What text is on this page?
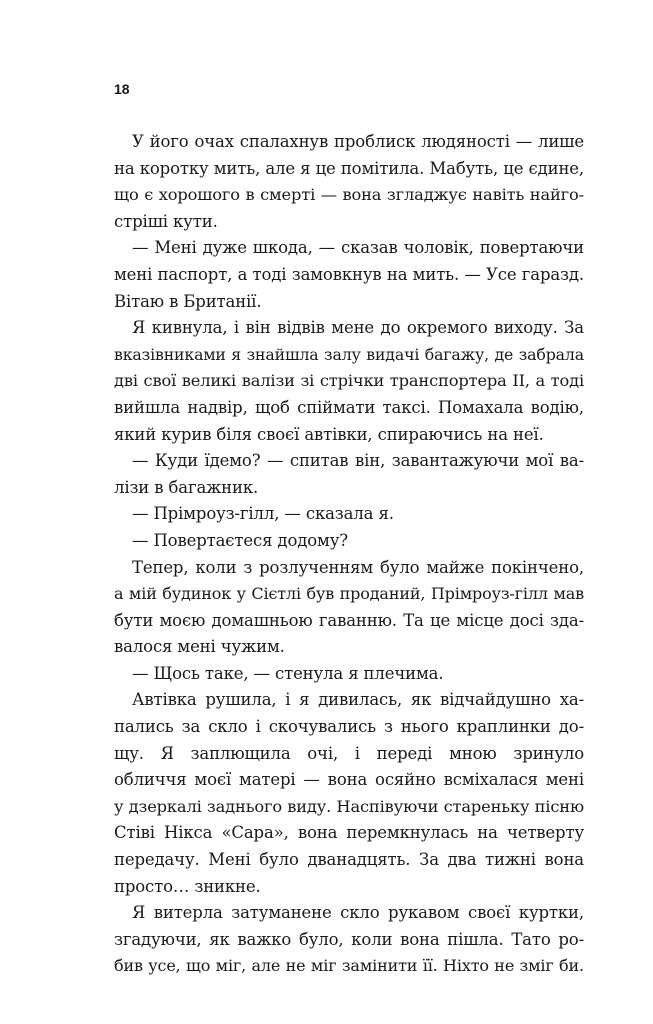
18
У його очах спалахнув проблиск людяності — лише
на коротку мить, але я це помітила. Мабуть, це єдине,
що є хорошого в смерті — вона згладжує навіть найго-
стріші кути.
— Мені дуже шкода, — сказав чоловік, повертаючи
мені паспорт, а тоді замовкнув на мить. — Усе гаразд.
Вітаю в Британії.
Я кивнула, і він відвів мене до окремого виходу. За
вказівниками я знайшла залу видачі багажу, де забрала
дві свої великі валізи зі стрічки транспортера II, а тоді
вийшла надвір, щоб спіймати таксі. Помахала водію,
який курив біля своєї автівки, спираючись на неї.
— Куди їдемо? — спитав він, завантажуючи мої ва-
лізи в багажник.
— Прімроуз-гілл, — сказала я.
— Повертаєтеся додому?
Тепер, коли з розлученням було майже покінчено,
а мій будинок у Сієтлі був проданий, Прімроуз-гілл мав
бути моєю домашньою гаванню. Та це місце досі зда-
валося мені чужим.
— Щось таке, — стенула я плечима.
Автівка рушила, і я дивилась, як відчайдушно ха-
пались за скло і скочувались з нього краплинки до-
щу. Я заплющила очі, і переді мною зринуло
обличчя моєї матері — вона осяйно всміхалася мені
у дзеркалі заднього виду. Наспівуючи стареньку пісню
Стіві Нікса «Сара», вона перемкнулась на четверту
передачу. Мені було дванадцять. За два тижні вона
просто… зникне.
Я витерла затуманене скло рукавом своєї куртки,
згадуючи, як важко було, коли вона пішла. Тато ро-
бив усе, що міг, але не міг замінити її. Ніхто не зміг би.
